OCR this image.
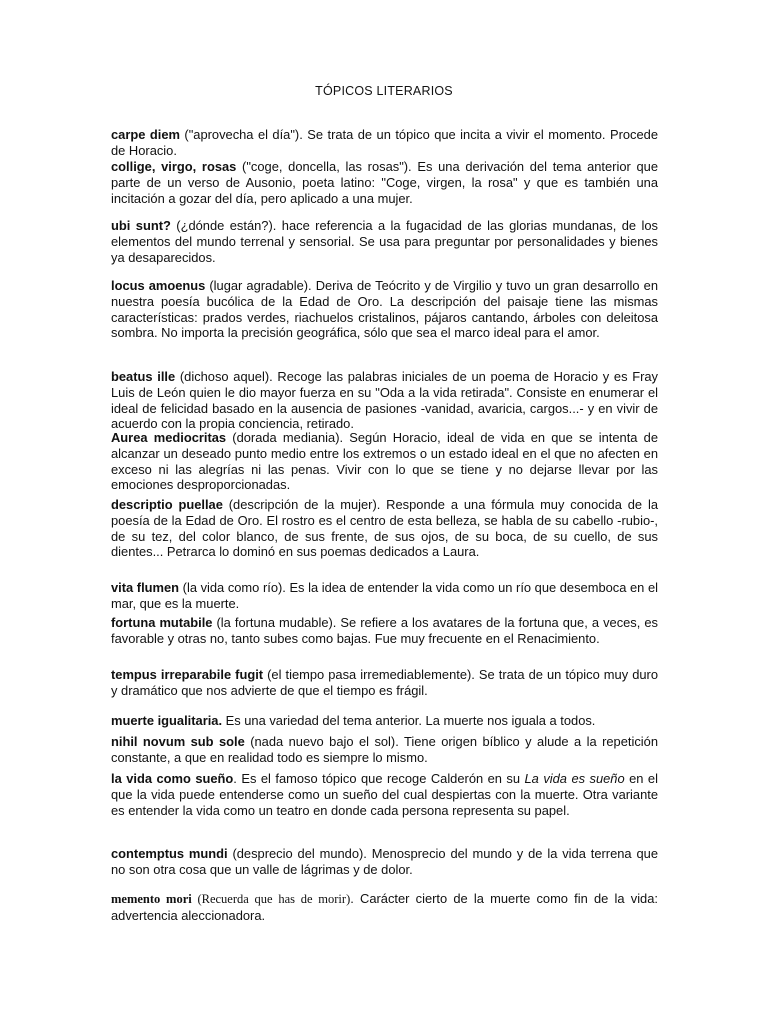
TÓPICOS LITERARIOS

carpe diem ("aprovecha el día"). Se trata de un tópico que incita a vivir el momento. Procede de Horacio.

collige, virgo, rosas ("coge, doncella, las rosas"). Es una derivación del tema anterior que parte de un verso de Ausonio, poeta latino: "Coge, virgen, la rosa" y que es también una incitación a gozar del día, pero aplicado a una mujer.

ubi sunt? (¿dónde están?). hace referencia a la fugacidad de las glorias mundanas, de los elementos del mundo terrenal y sensorial. Se usa para preguntar por personalidades y bienes ya desaparecidos.

locus amoenus (lugar agradable). Deriva de Teócrito y de Virgilio y tuvo un gran desarrollo en nuestra poesía bucólica de la Edad de Oro. La descripción del paisaje tiene las mismas características: prados verdes, riachuelos cristalinos, pájaros cantando, árboles con deleitosa sombra. No importa la precisión geográfica, sólo que sea el marco ideal para el amor.

beatus ille (dichoso aquel). Recoge las palabras iniciales de un poema de Horacio y es Fray Luis de León quien le dio mayor fuerza en su "Oda a la vida retirada". Consiste en enumerar el ideal de felicidad basado en la ausencia de pasiones -vanidad, avaricia, cargos...- y en vivir de acuerdo con la propia conciencia, retirado.

Aurea mediocritas (dorada mediania). Según Horacio, ideal de vida en que se intenta de alcanzar un deseado punto medio entre los extremos o un estado ideal en el que no afecten en exceso ni las alegrías ni las penas. Vivir con lo que se tiene y no dejarse llevar por las emociones desproporcionadas.

descriptio puellae (descripción de la mujer). Responde a una fórmula muy conocida de la poesía de la Edad de Oro. El rostro es el centro de esta belleza, se habla de su cabello -rubio-, de su tez, del color blanco, de sus frente, de sus ojos, de su boca, de su cuello, de sus dientes... Petrarca lo dominó en sus poemas dedicados a Laura.

vita flumen (la vida como río). Es la idea de entender la vida como un río que desemboca en el mar, que es la muerte.

fortuna mutabile (la fortuna mudable). Se refiere a los avatares de la fortuna que, a veces, es favorable y otras no, tanto subes como bajas. Fue muy frecuente en el Renacimiento.

tempus irreparabile fugit (el tiempo pasa irremediablemente). Se trata de un tópico muy duro y dramático que nos advierte de que el tiempo es frágil.

muerte igualitaria. Es una variedad del tema anterior. La muerte nos iguala a todos.

nihil novum sub sole (nada nuevo bajo el sol). Tiene origen bíblico y alude a la repetición constante, a que en realidad todo es siempre lo mismo.

la vida como sueño. Es el famoso tópico que recoge Calderón en su La vida es sueño en el que la vida puede entenderse como un sueño del cual despiertas con la muerte. Otra variante es entender la vida como un teatro en donde cada persona representa su papel.

contemptus mundi (desprecio del mundo). Menosprecio del mundo y de la vida terrena que no son otra cosa que un valle de lágrimas y de dolor.

memento mori (Recuerda que has de morir). Carácter cierto de la muerte como fin de la vida: advertencia aleccionadora.
